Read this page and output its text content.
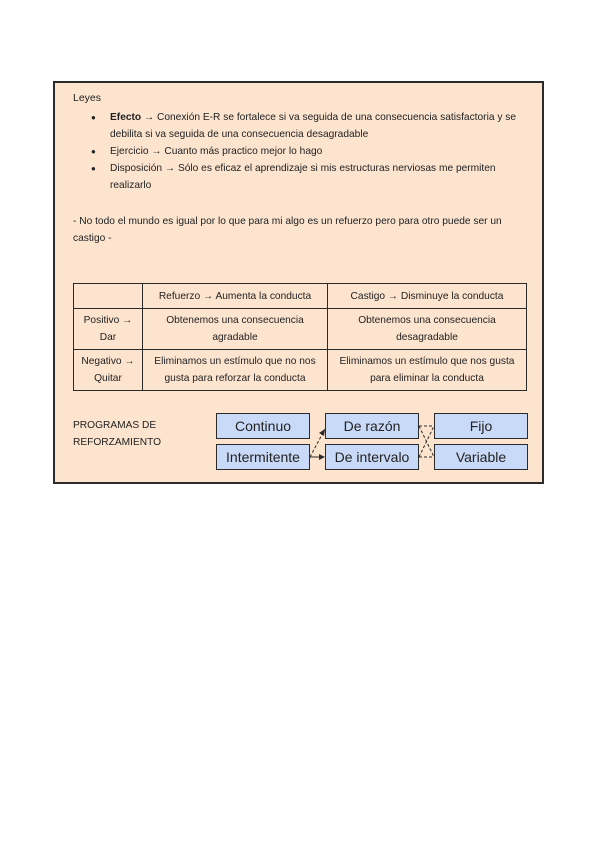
Leyes
● Efecto → Conexión E-R se fortalece si va seguida de una consecuencia satisfactoria y se debilita si va seguida de una consecuencia desagradable
● Ejercicio → Cuanto más practico mejor lo hago
● Disposición → Sólo es eficaz el aprendizaje si mis estructuras nerviosas me permiten realizarlo
- No todo el mundo es igual por lo que para mi algo es un refuerzo pero para otro puede ser un castigo -
	Refuerzo → Aumenta la conducta	Castigo → Disminuye la conducta
Positivo → Dar	Obtenemos una consecuencia agradable	Obtenemos una consecuencia desagradable
Negativo → Quitar	Eliminamos un estímulo que no nos gusta para reforzar la conducta	Eliminamos un estímulo que nos gusta para eliminar la conducta
PROGRAMAS DE
REFORZAMIENTO
Continuo
Intermitente
De razón
De intervalo
Fijo
Variable
